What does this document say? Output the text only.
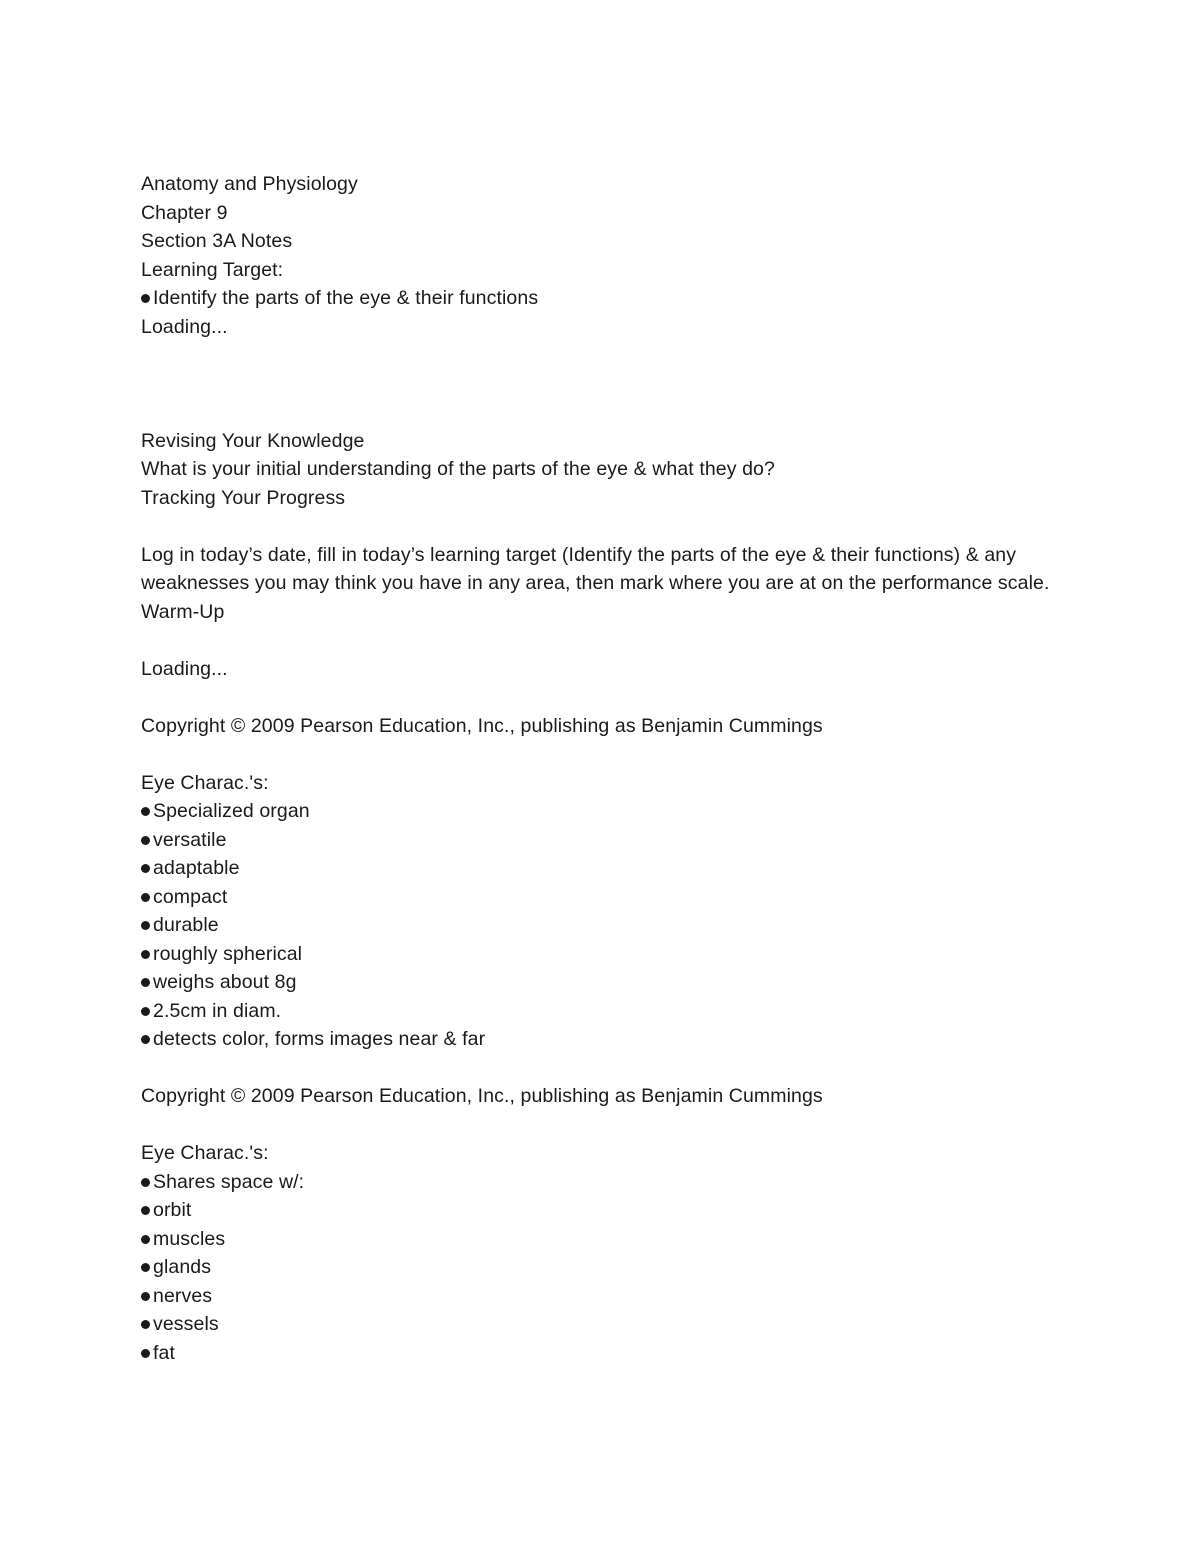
Anatomy and Physiology
Chapter 9
Section 3A Notes
Learning Target:
Identify the parts of the eye & their functions
Loading...
Revising Your Knowledge
What is your initial understanding of the parts of the eye & what they do?
Tracking Your Progress
Log in today’s date, fill in today’s learning target (Identify the parts of the eye & their functions) & any weaknesses you may think you have in any area, then mark where you are at on the performance scale.
Warm-Up
Loading...
Copyright © 2009 Pearson Education, Inc., publishing as Benjamin Cummings
Eye Charac.'s:
Specialized organ
versatile
adaptable
compact
durable
roughly spherical
weighs about 8g
2.5cm in diam.
detects color, forms images near & far
Copyright © 2009 Pearson Education, Inc., publishing as Benjamin Cummings
Eye Charac.'s:
Shares space w/:
orbit
muscles
glands
nerves
vessels
fat
